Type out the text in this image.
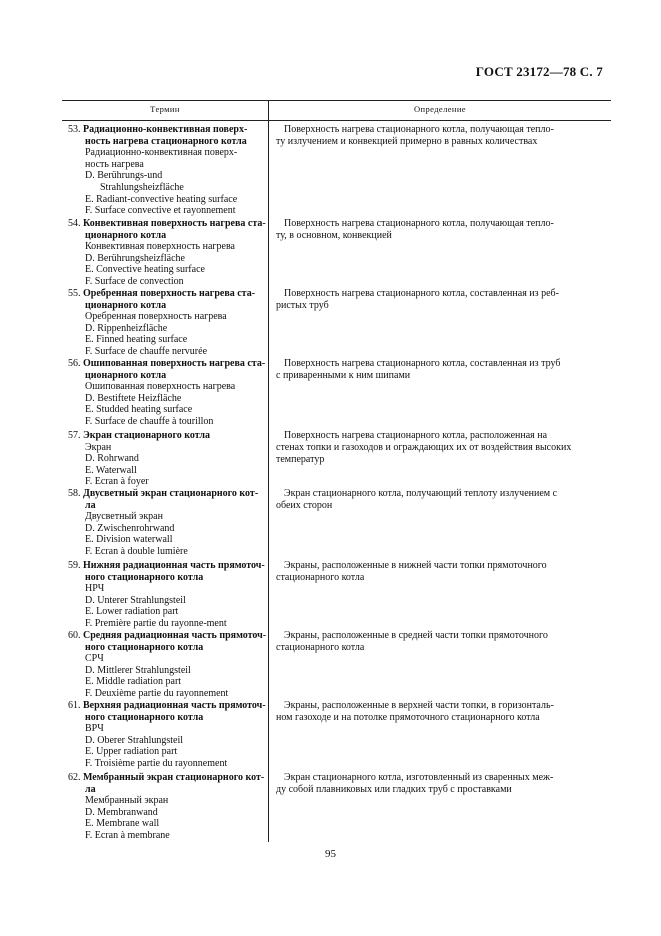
ГОСТ 23172—78 С. 7
Термин	Определение
53. Радиационно-конвективная поверх-
ность нагрева стационарного котла
Радиационно-конвективная поверх-
ность нагрева
D. Berührungs-und
Strahlungsheizfläche
E. Radiant-convective heating surface
F. Surface convective et rayonnement
Поверхность нагрева стационарного котла, получающая тепло-
ту излучением и конвекцией примерно в равных количествах
54. Конвективная поверхность нагрева ста-
ционарного котла
Конвективная поверхность нагрева
D. Berührungsheizfläche
E. Convective heating surface
F. Surface de convection
Поверхность нагрева стационарного котла, получающая тепло-
ту, в основном, конвекцией
55. Оребренная поверхность нагрева ста-
ционарного котла
Оребренная поверхность нагрева
D. Rippenheizfläche
E. Finned heating surface
F. Surface de chauffe nervurée
Поверхность нагрева стационарного котла, составленная из реб-
ристых труб
56. Ошипованная поверхность нагрева ста-
ционарного котла
Ошипованная поверхность нагрева
D. Bestiftete Heizfläche
E. Studded heating surface
F. Surface de chauffe à tourillon
Поверхность нагрева стационарного котла, составленная из труб
с приваренными к ним шипами
57. Экран стационарного котла
Экран
D. Rohrwand
E. Waterwall
F. Ecran à foyer
Поверхность нагрева стационарного котла, расположенная на
стенах топки и газоходов и ограждающих их от воздействия высоких
температур
58. Двусветный экран стационарного кот-
ла
Двусветный экран
D. Zwischenrohrwand
E. Division waterwall
F. Ecran à double lumière
Экран стационарного котла, получающий теплоту излучением с
обеих сторон
59. Нижняя радиационная часть прямоточ-
ного стационарного котла
НРЧ
D. Unterer Strahlungsteil
E. Lower radiation part
F. Première partie du rayonne-ment
Экраны, расположенные в нижней части топки прямоточного
стационарного котла
60. Средняя радиационная часть прямоточ-
ного стационарного котла
СРЧ
D. Mittlerer Strahlungsteil
E. Middle radiation part
F. Deuxième partie du rayonnement
Экраны, расположенные в средней части топки прямоточного
стационарного котла
61. Верхняя радиационная часть прямоточ-
ного стационарного котла
ВРЧ
D. Oberer Strahlungsteil
E. Upper radiation part
F. Troisième partie du rayonnement
Экраны, расположенные в верхней части топки, в горизонталь-
ном газоходе и на потолке прямоточного стационарного котла
62. Мембранный экран стационарного кот-
ла
Мембранный экран
D. Membranwand
E. Membrane wall
F. Ecran à membrane
Экран стационарного котла, изготовленный из сваренных меж-
ду собой плавниковых или гладких труб с проставками
95
